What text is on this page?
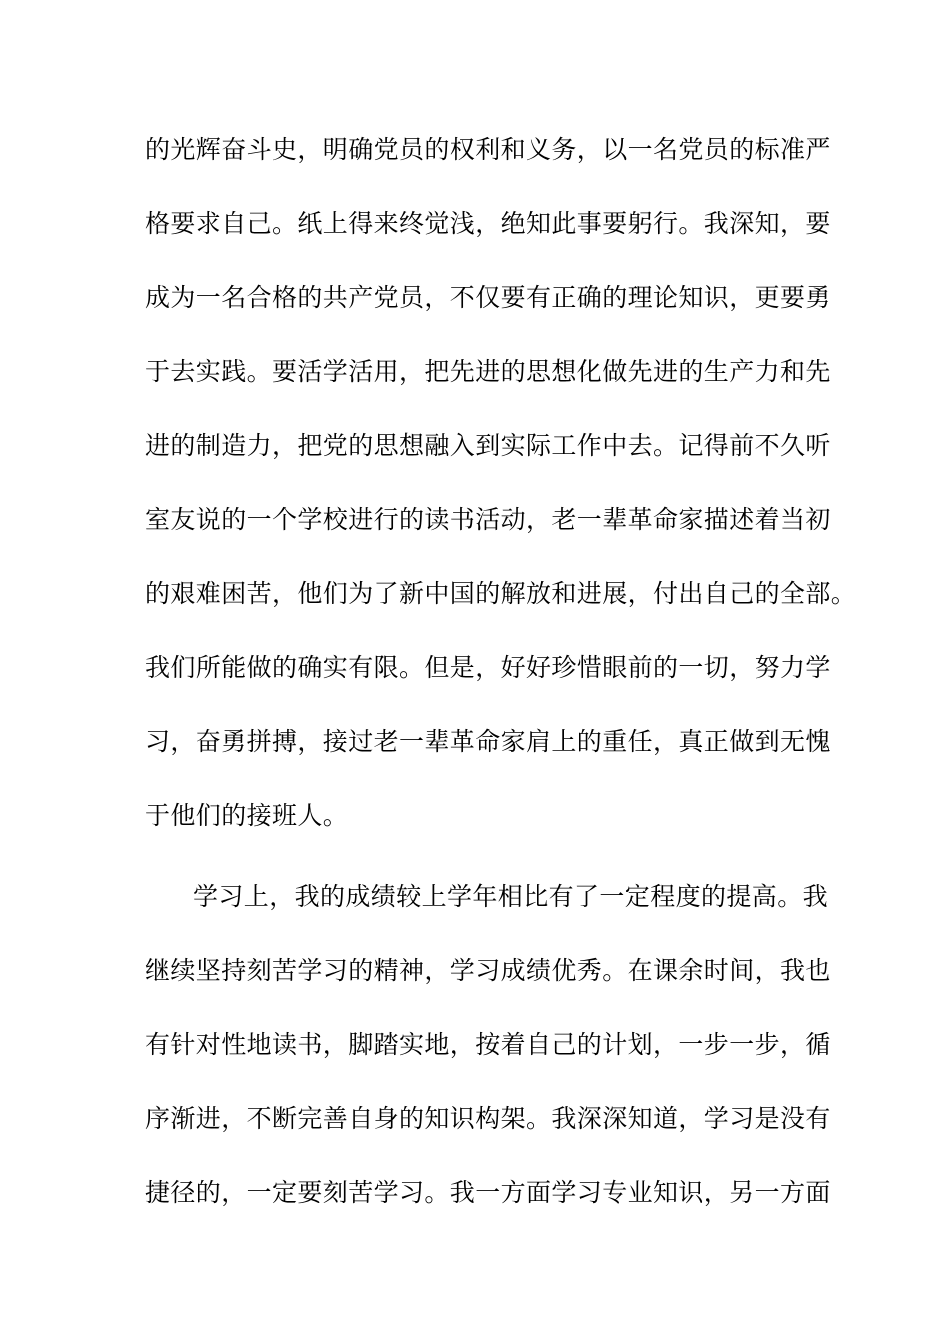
的光辉奋斗史，明确党员的权利和义务，以一名党员的标准严
格要求自己。纸上得来终觉浅，绝知此事要躬行。我深知，要
成为一名合格的共产党员，不仅要有正确的理论知识，更要勇
于去实践。要活学活用，把先进的思想化做先进的生产力和先
进的制造力，把党的思想融入到实际工作中去。记得前不久听
室友说的一个学校进行的读书活动，老一辈革命家描述着当初
的艰难困苦，他们为了新中国的解放和进展，付出自己的全部。
我们所能做的确实有限。但是，好好珍惜眼前的一切，努力学
习，奋勇拼搏，接过老一辈革命家肩上的重任，真正做到无愧
于他们的接班人。
学习上，我的成绩较上学年相比有了一定程度的提高。我
继续坚持刻苦学习的精神，学习成绩优秀。在课余时间，我也
有针对性地读书，脚踏实地，按着自己的计划，一步一步，循
序渐进，不断完善自身的知识构架。我深深知道，学习是没有
捷径的，一定要刻苦学习。我一方面学习专业知识，另一方面
